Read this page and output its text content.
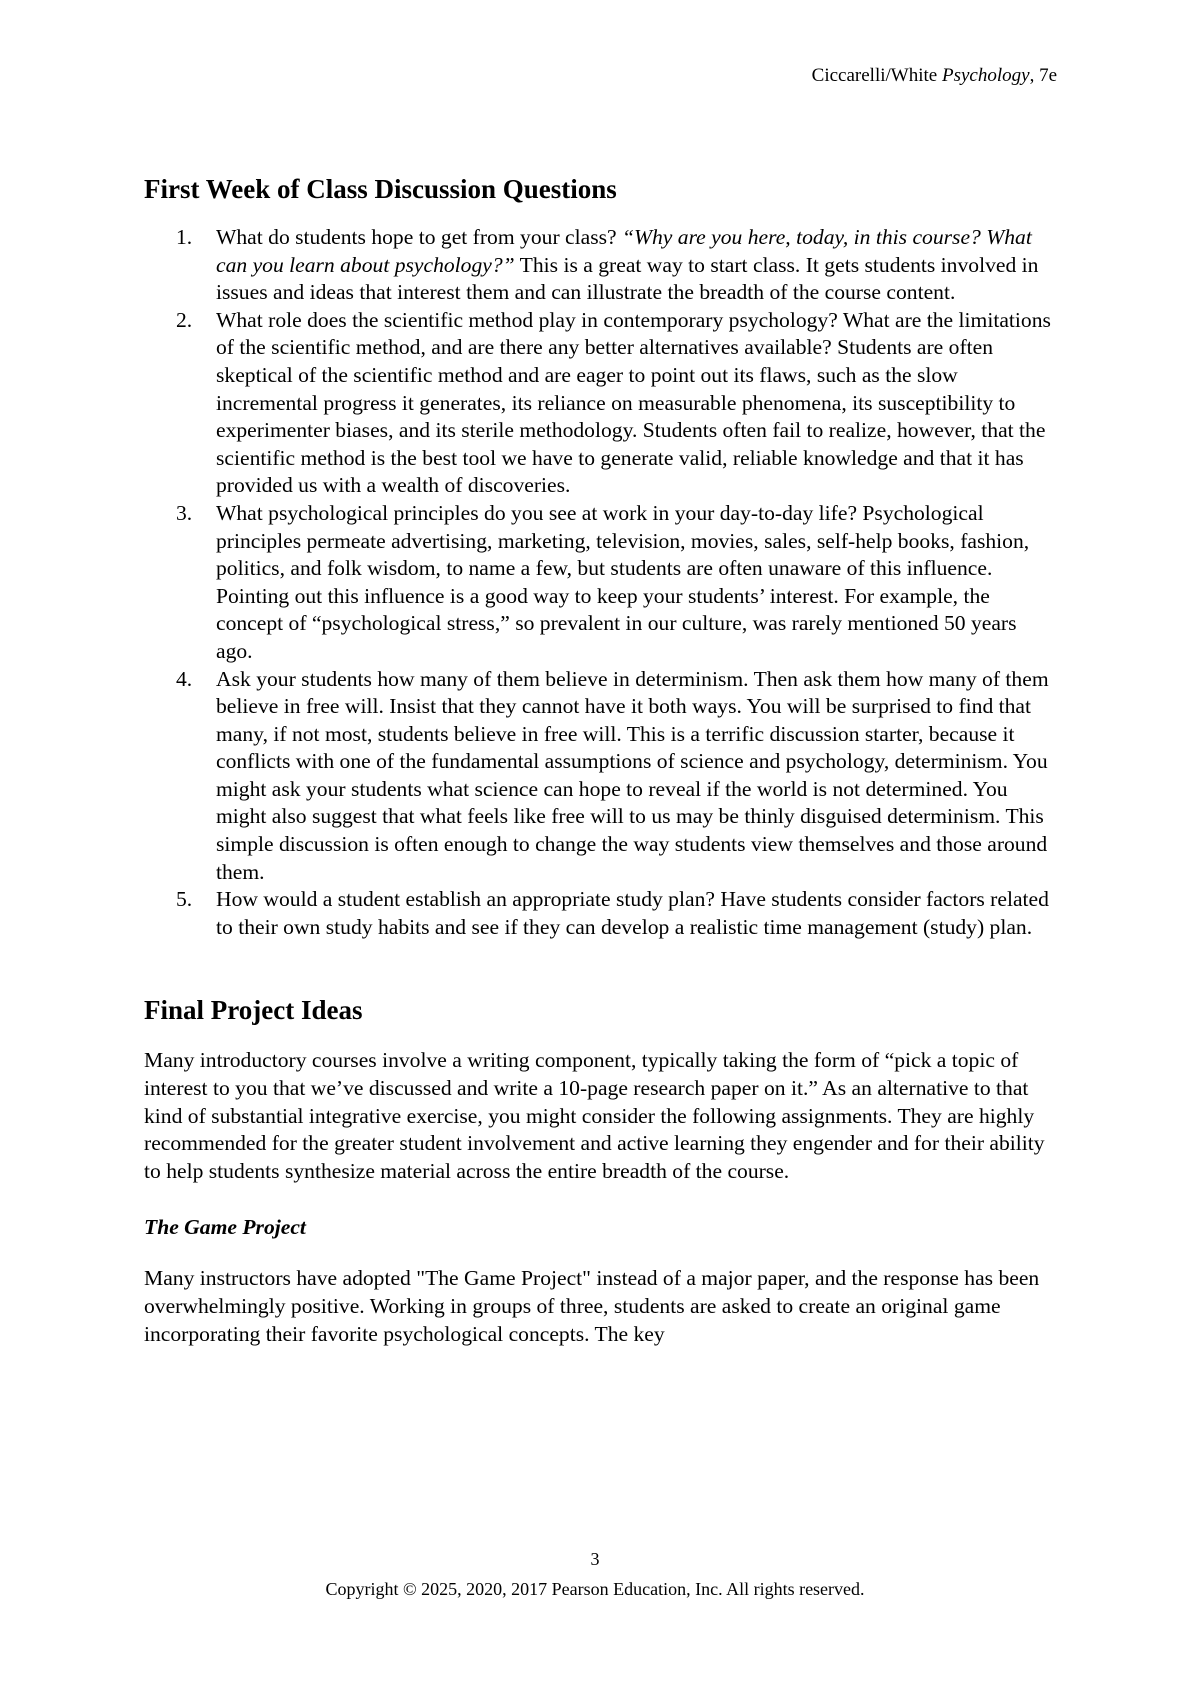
Ciccarelli/White Psychology, 7e
First Week of Class Discussion Questions
1. What do students hope to get from your class? “Why are you here, today, in this course? What can you learn about psychology?” This is a great way to start class. It gets students involved in issues and ideas that interest them and can illustrate the breadth of the course content.
2. What role does the scientific method play in contemporary psychology? What are the limitations of the scientific method, and are there any better alternatives available? Students are often skeptical of the scientific method and are eager to point out its flaws, such as the slow incremental progress it generates, its reliance on measurable phenomena, its susceptibility to experimenter biases, and its sterile methodology. Students often fail to realize, however, that the scientific method is the best tool we have to generate valid, reliable knowledge and that it has provided us with a wealth of discoveries.
3. What psychological principles do you see at work in your day-to-day life? Psychological principles permeate advertising, marketing, television, movies, sales, self-help books, fashion, politics, and folk wisdom, to name a few, but students are often unaware of this influence. Pointing out this influence is a good way to keep your students’ interest. For example, the concept of “psychological stress,” so prevalent in our culture, was rarely mentioned 50 years ago.
4. Ask your students how many of them believe in determinism. Then ask them how many of them believe in free will. Insist that they cannot have it both ways. You will be surprised to find that many, if not most, students believe in free will. This is a terrific discussion starter, because it conflicts with one of the fundamental assumptions of science and psychology, determinism. You might ask your students what science can hope to reveal if the world is not determined. You might also suggest that what feels like free will to us may be thinly disguised determinism. This simple discussion is often enough to change the way students view themselves and those around them.
5. How would a student establish an appropriate study plan? Have students consider factors related to their own study habits and see if they can develop a realistic time management (study) plan.
Final Project Ideas

Many introductory courses involve a writing component, typically taking the form of “pick a topic of interest to you that we’ve discussed and write a 10-page research paper on it.” As an alternative to that kind of substantial integrative exercise, you might consider the following assignments. They are highly recommended for the greater student involvement and active learning they engender and for their ability to help students synthesize material across the entire breadth of the course.

The Game Project

Many instructors have adopted "The Game Project" instead of a major paper, and the response has been overwhelmingly positive. Working in groups of three, students are asked to create an original game incorporating their favorite psychological concepts. The key

3
Copyright © 2025, 2020, 2017 Pearson Education, Inc. All rights reserved.
